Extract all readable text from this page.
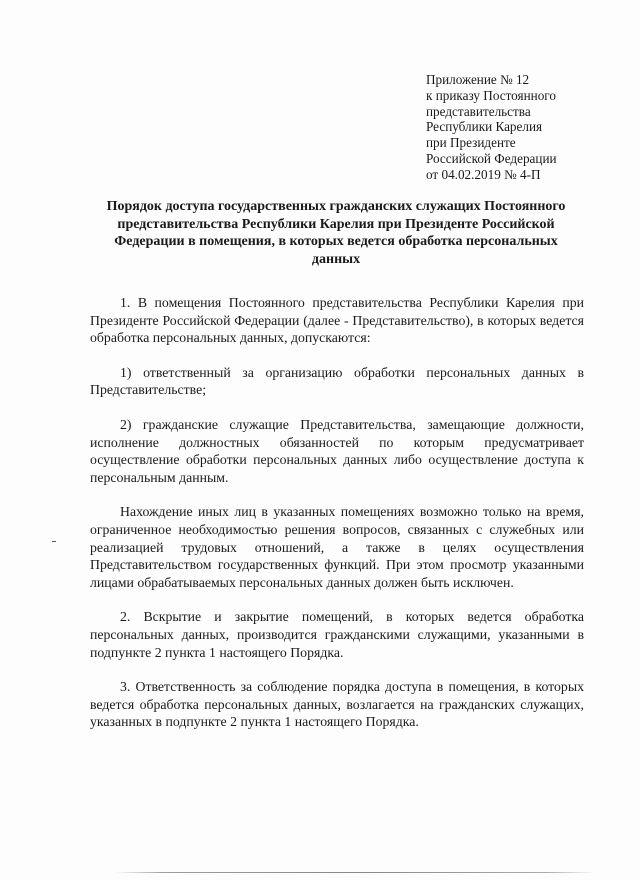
Приложение № 12
к приказу Постоянного
представительства
Республики Карелия
при Президенте
Российской Федерации
от 04.02.2019 № 4-П
Порядок доступа государственных гражданских служащих Постоянного представительства Республики Карелия при Президенте Российской Федерации в помещения, в которых ведется обработка персональных данных

1. В помещения Постоянного представительства Республики Карелия при Президенте Российской Федерации (далее - Представительство), в которых ведется обработка персональных данных, допускаются:

1) ответственный за организацию обработки персональных данных в Представительстве;

2) гражданские служащие Представительства, замещающие должности, исполнение должностных обязанностей по которым предусматривает осуществление обработки персональных данных либо осуществление доступа к персональным данным.

Нахождение иных лиц в указанных помещениях возможно только на время, ограниченное необходимостью решения вопросов, связанных с служебных или реализацией трудовых отношений, а также в целях осуществления Представительством государственных функций. При этом просмотр указанными лицами обрабатываемых персональных данных должен быть исключен.

2. Вскрытие и закрытие помещений, в которых ведется обработка персональных данных, производится гражданскими служащими, указанными в подпункте 2 пункта 1 настоящего Порядка.

3. Ответственность за соблюдение порядка доступа в помещения, в которых ведется обработка персональных данных, возлагается на гражданских служащих, указанных в подпункте 2 пункта 1 настоящего Порядка.
